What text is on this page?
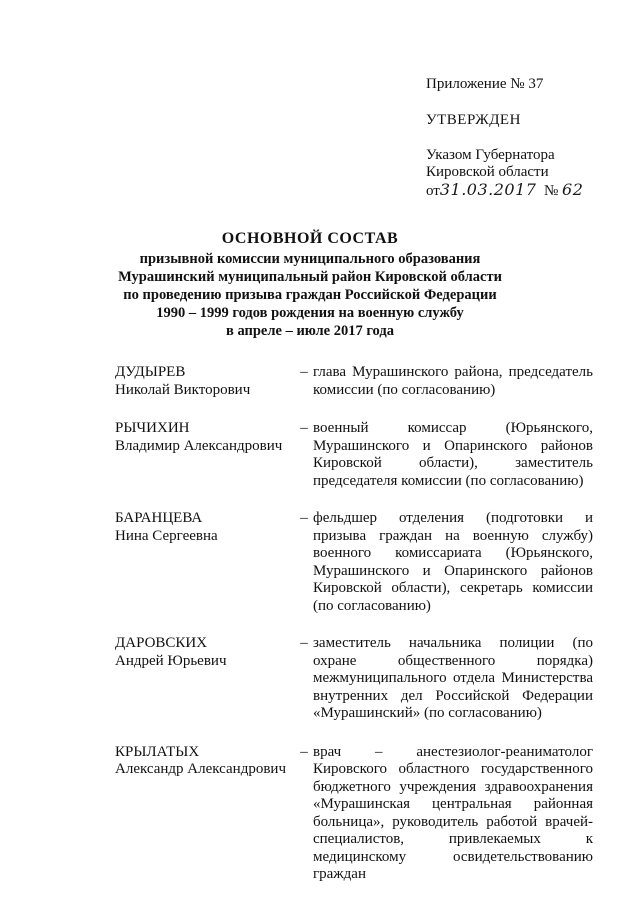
Приложение № 37
УТВЕРЖДЕН
Указом Губернатора
Кировской области
от31.03.2017 № 62
ОСНОВНОЙ СОСТАВ
призывной комиссии муниципального образования
Мурашинский муниципальный район Кировской области
по проведению призыва граждан Российской Федерации
1990 – 1999 годов рождения на военную службу
в апреле – июле 2017 года
ДУДЫРЕВ
Николай Викторович
– глава Мурашинского района, председатель комиссии (по согласованию)
РЫЧИХИН
Владимир Александрович
– военный комиссар (Юрьянского, Мурашинского и Опаринского районов Кировской области), заместитель председателя комиссии (по согласованию)
БАРАНЦЕВА
Нина Сергеевна
– фельдшер отделения (подготовки и призыва граждан на военную службу) военного комиссариата (Юрьянского, Мурашинского и Опаринского районов Кировской области), секретарь комиссии (по согласованию)
ДАРОВСКИХ
Андрей Юрьевич
– заместитель начальника полиции (по охране общественного порядка) межмуниципального отдела Министерства внутренних дел Российской Федерации «Мурашинский» (по согласованию)
КРЫЛАТЫХ
Александр Александрович
– врач – анестезиолог-реаниматолог Кировского областного государственного бюджетного учреждения здравоохранения «Мурашинская центральная районная больница», руководитель работой врачей-специалистов, привлекаемых к медицинскому освидетельствованию граждан
